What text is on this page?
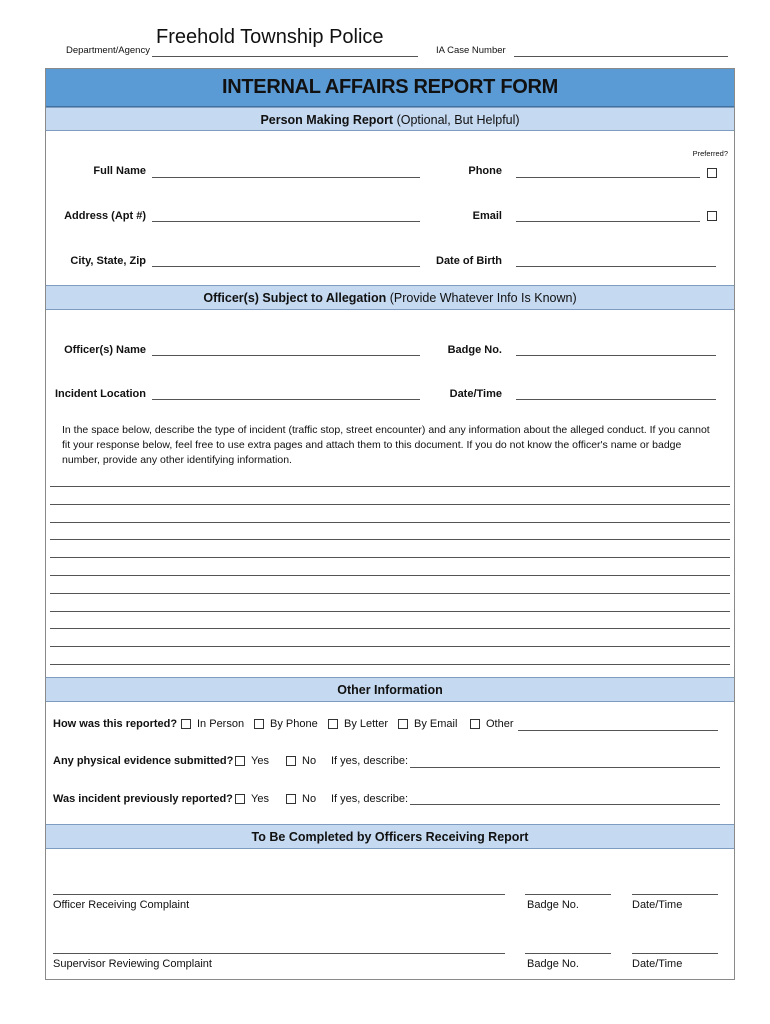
Department/Agency
Freehold Township Police
IA Case Number
INTERNAL AFFAIRS REPORT FORM
Person Making Report (Optional, But Helpful)
Preferred?
Full Name	Phone
Address (Apt #)	Email
City, State, Zip	Date of Birth
Officer(s) Subject to Allegation (Provide Whatever Info Is Known)
Officer(s) Name	Badge No.
Incident Location	Date/Time
In the space below, describe the type of incident (traffic stop, street encounter) and any information about the alleged conduct. If you cannot fit your response below, feel free to use extra pages and attach them to this document. If you do not know the officer's name or badge number, provide any other identifying information.
Other Information
How was this reported? In Person By Phone By Letter By Email	Other
Any physical evidence submitted? Yes	No If yes, describe:
Was incident previously reported? Yes	No If yes, describe:
To Be Completed by Officers Receiving Report
Officer Receiving Complaint	Badge No.	Date/Time
Supervisor Reviewing Complaint	Badge No.	Date/Time
